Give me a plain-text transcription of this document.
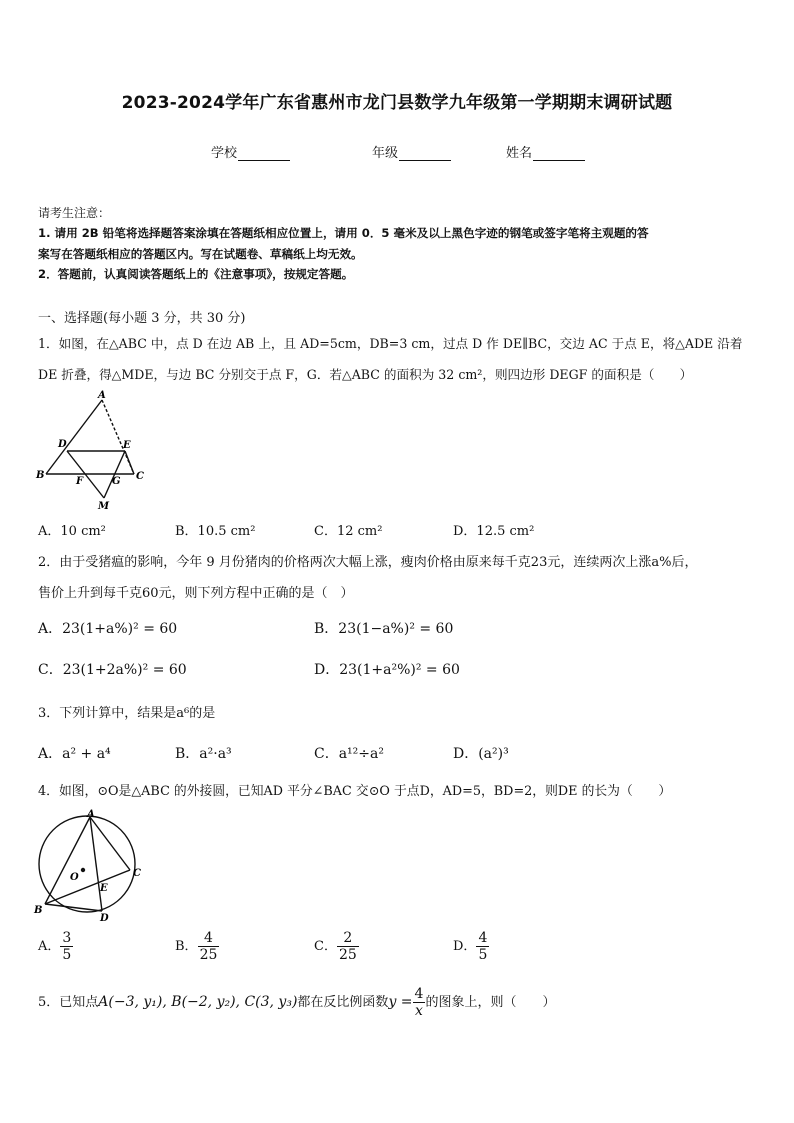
2023-2024学年广东省惠州市龙门县数学九年级第一学期期末调研试题
学校	年级	姓名
请考生注意：
1. 请用 2B 铅笔将选择题答案涂填在答题纸相应位置上，请用 0．5 毫米及以上黑色字迹的钢笔或签字笔将主观题的答
案写在答题纸相应的答题区内。写在试题卷、草稿纸上均无效。
2．答题前，认真阅读答题纸上的《注意事项》，按规定答题。
一、选择题(每小题 3 分，共 30 分)
1．如图，在△ABC 中，点 D 在边 AB 上，且 AD=5cm，DB=3 cm，过点 D 作 DE∥BC，交边 AC 于点 E，将△ADE 沿着
DE 折叠，得△MDE，与边 BC 分别交于点 F，G．若△ABC 的面积为 32 cm²，则四边形 DEGF 的面积是（　　）
A
B	C
D	E
F	G
M
A．10 cm²	B．10.5 cm²	C．12 cm²	D．12.5 cm²
2．由于受猪瘟的影响，今年 9 月份猪肉的价格两次大幅上涨，瘦肉价格由原来每千克23元，连续两次上涨a%后，
售价上升到每千克60元，则下列方程中正确的是（　）
A．23(1+a%)² = 60	B．23(1−a%)² = 60
C．23(1+2a%)² = 60	D．23(1+a²%)² = 60
3．下列计算中，结果是a⁶的是
A．a² + a⁴	B．a²·a³	C．a¹²÷a²	D．(a²)³
4．如图，⊙O是△ABC 的外接圆，已知AD 平分∠BAC 交⊙O 于点D，AD=5，BD=2，则DE 的长为（　　）
A
B
C
D
E
O
A． $\frac{3}{5}$	B． $\frac{4}{25}$	C． $\frac{2}{25}$	D． $\frac{4}{5}$
5．已知点A(−3, y₁), B(−2, y₂), C(3, y₃)都在反比例函数$y = \frac{4}{x}$ 的图象上，则（　　）
